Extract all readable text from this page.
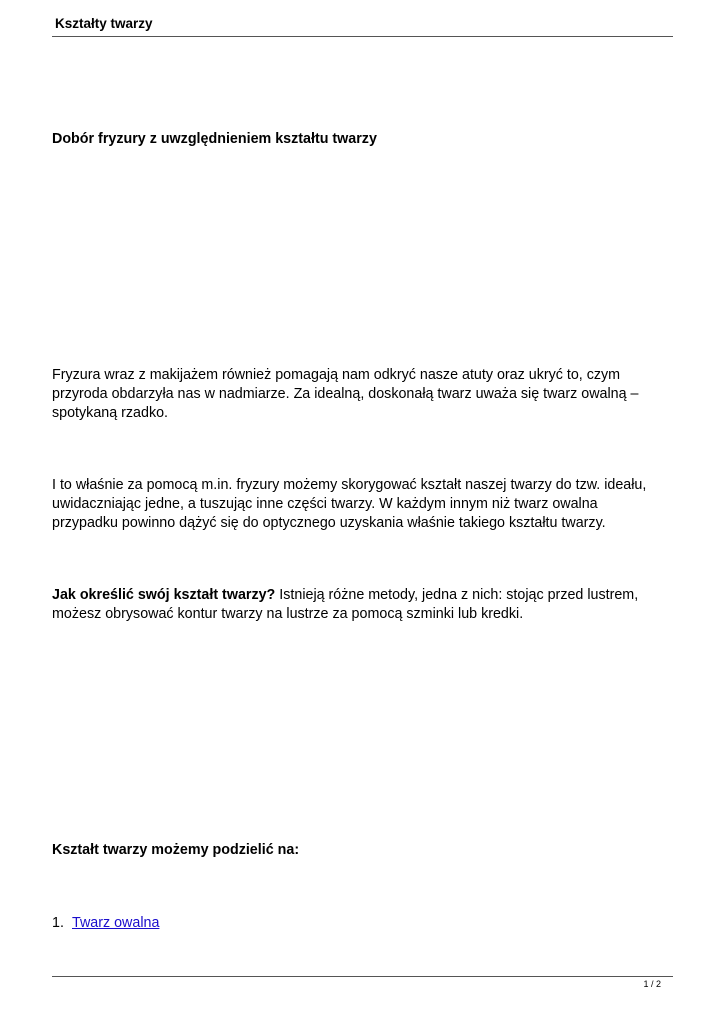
Kształty twarzy
Dobór fryzury z uwzględnieniem kształtu twarzy
Fryzura wraz z makijażem również pomagają nam odkryć nasze atuty oraz ukryć to, czym przyroda obdarzyła nas w nadmiarze. Za idealną, doskonałą twarz uważa się twarz owalną – spotykaną rzadko.
I to właśnie za pomocą m.in. fryzury możemy skorygować kształt naszej twarzy do tzw. ideału, uwidaczniając jedne, a tuszując inne części twarzy. W każdym innym niż twarz owalna przypadku powinno dążyć się do optycznego uzyskania właśnie takiego kształtu twarzy.
Jak określić swój kształt twarzy? Istnieją różne metody, jedna z nich: stojąc przed lustrem, możesz obrysować kontur twarzy na lustrze za pomocą szminki lub kredki.
Kształt twarzy możemy podzielić na:
1. Twarz owalna
1 / 2
